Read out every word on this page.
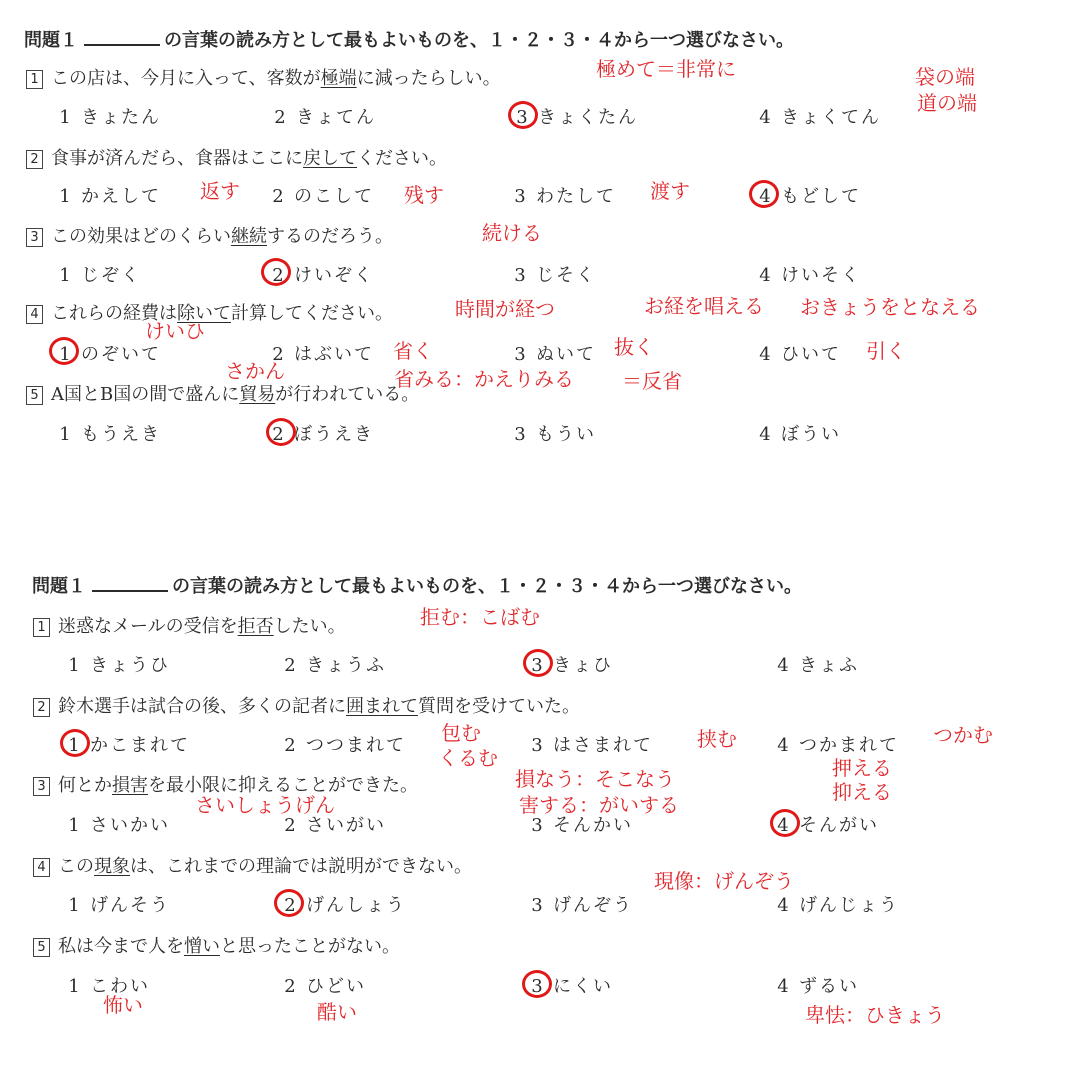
問題１	の言葉の読み方として最もよいものを、１・２・３・４から一つ選びなさい。
1 この店は、今月に入って、客数が極端に減ったらしい。
1 きょたん	2 きょてん	3 きょくたん	4 きょくてん
2 食事が済んだら、食器はここに戻してください。
1 かえして	2 のこして	3 わたして	4 もどして
3 この効果はどのくらい継続するのだろう。
1 じぞく	2 けいぞく	3 じそく	4 けいそく
4 これらの経費は除いて計算してください。
1 のぞいて	2 はぶいて	3 ぬいて	4 ひいて
5 A国とB国の間で盛んに貿易が行われている。
1 もうえき	2 ぼうえき	3 もうい	4 ぼうい
極めて＝非常に	袋の端
道の端
返す	残す	渡す
続ける
時間が経つ	お経を唱える おきょうをとなえる
けいひ
省く	抜く	引く
さかん	省みる：かえりみる ＝反省
問題１	の言葉の読み方として最もよいものを、１・２・３・４から一つ選びなさい。
1 迷惑なメールの受信を拒否したい。
1 きょうひ	2 きょうふ	3 きょひ	4 きょふ
2 鈴木選手は試合の後、多くの記者に囲まれて質問を受けていた。
1 かこまれて	2 つつまれて	3 はさまれて	4 つかまれて
3 何とか損害を最小限に抑えることができた。
1 さいかい	2 さいがい	3 そんかい	4 そんがい
4 この現象は、これまでの理論では説明ができない。
1 げんそう	2 げんしょう	3 げんぞう	4 げんじょう
5 私は今まで人を憎いと思ったことがない。
1 こわい	2 ひどい	3 にくい	4 ずるい
拒む：こばむ
包む
くるむ
挟む	つかむ
押える
抑える
損なう：そこなう
害する：がいする
さいしょうげん
現像：げんぞう
怖い	酷い	卑怯：ひきょう
